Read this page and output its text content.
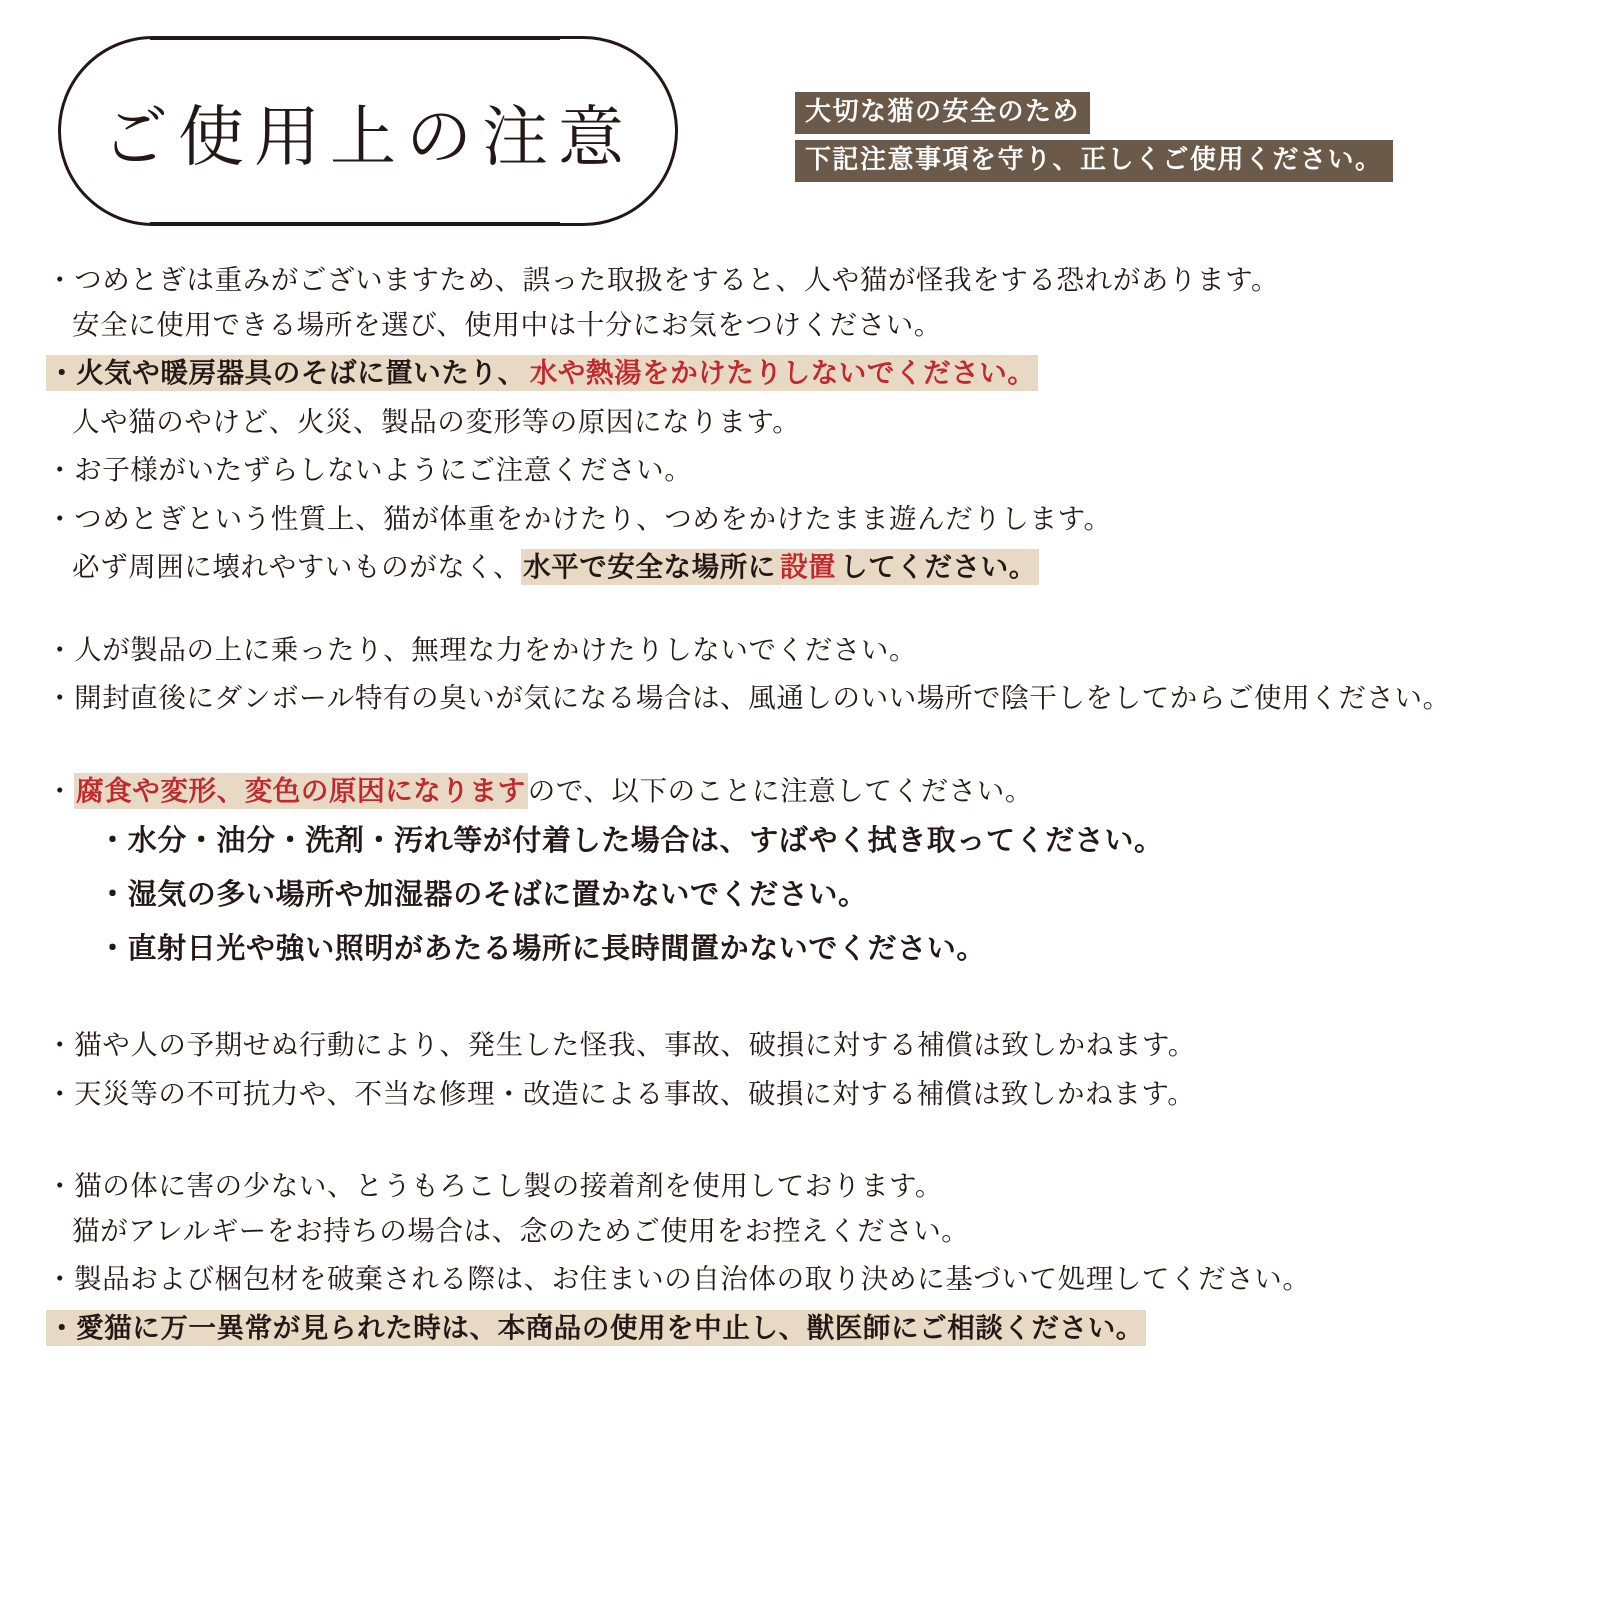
ご使用上の注意	大切な猫の安全のため
下記注意事項を守り、正しくご使用ください。

・つめとぎは重みがございますため、誤った取扱をすると、人や猫が怪我をする恐れがあります。
安全に使用できる場所を選び、使用中は十分にお気をつけください。

・火気や暖房器具のそばに置いたり、 水や熱湯をかけたりしないでください。

人や猫のやけど、火災、製品の変形等の原因になります。

・お子様がいたずらしないようにご注意ください。

・つめとぎという性質上、猫が体重をかけたり、つめをかけたまま遊んだりします。

必ず周囲に壊れやすいものがなく、水平で安全な場所に 設置 してください。

・人が製品の上に乗ったり、無理な力をかけたりしないでください。

・開封直後にダンボール特有の臭いが気になる場合は、風通しのいい場所で陰干しをしてからご使用ください。

・腐食や変形、変色の原因になりますので、以下のことに注意してください。

・水分・油分・洗剤・汚れ等が付着した場合は、すばやく拭き取ってください。

・湿気の多い場所や加湿器のそばに置かないでください。

・直射日光や強い照明があたる場所に長時間置かないでください。

・猫や人の予期せぬ行動により、発生した怪我、事故、破損に対する補償は致しかねます。

・天災等の不可抗力や、不当な修理・改造による事故、破損に対する補償は致しかねます。

・猫の体に害の少ない、とうもろこし製の接着剤を使用しております。
猫がアレルギーをお持ちの場合は、念のためご使用をお控えください。

・製品および梱包材を破棄される際は、お住まいの自治体の取り決めに基づいて処理してください。

・愛猫に万一異常が見られた時は、本商品の使用を中止し、獣医師にご相談ください。
